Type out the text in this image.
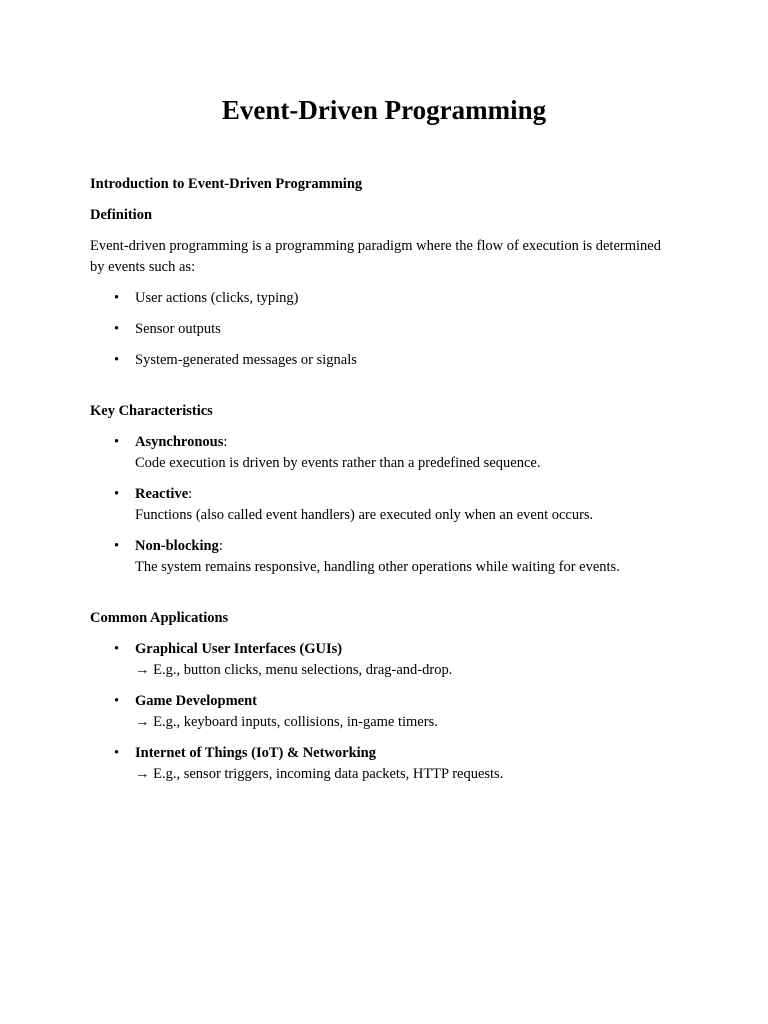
Event-Driven Programming
Introduction to Event-Driven Programming
Definition

Event-driven programming is a programming paradigm where the flow of execution is determined by events such as:

• User actions (clicks, typing)
• Sensor outputs
• System-generated messages or signals
Key Characteristics
• Asynchronous:
Code execution is driven by events rather than a predefined sequence.
• Reactive:
Functions (also called event handlers) are executed only when an event occurs.
• Non-blocking:
The system remains responsive, handling other operations while waiting for events.
Common Applications
• Graphical User Interfaces (GUIs)
→ E.g., button clicks, menu selections, drag-and-drop.
• Game Development
→ E.g., keyboard inputs, collisions, in-game timers.
• Internet of Things (IoT) & Networking
→ E.g., sensor triggers, incoming data packets, HTTP requests.
